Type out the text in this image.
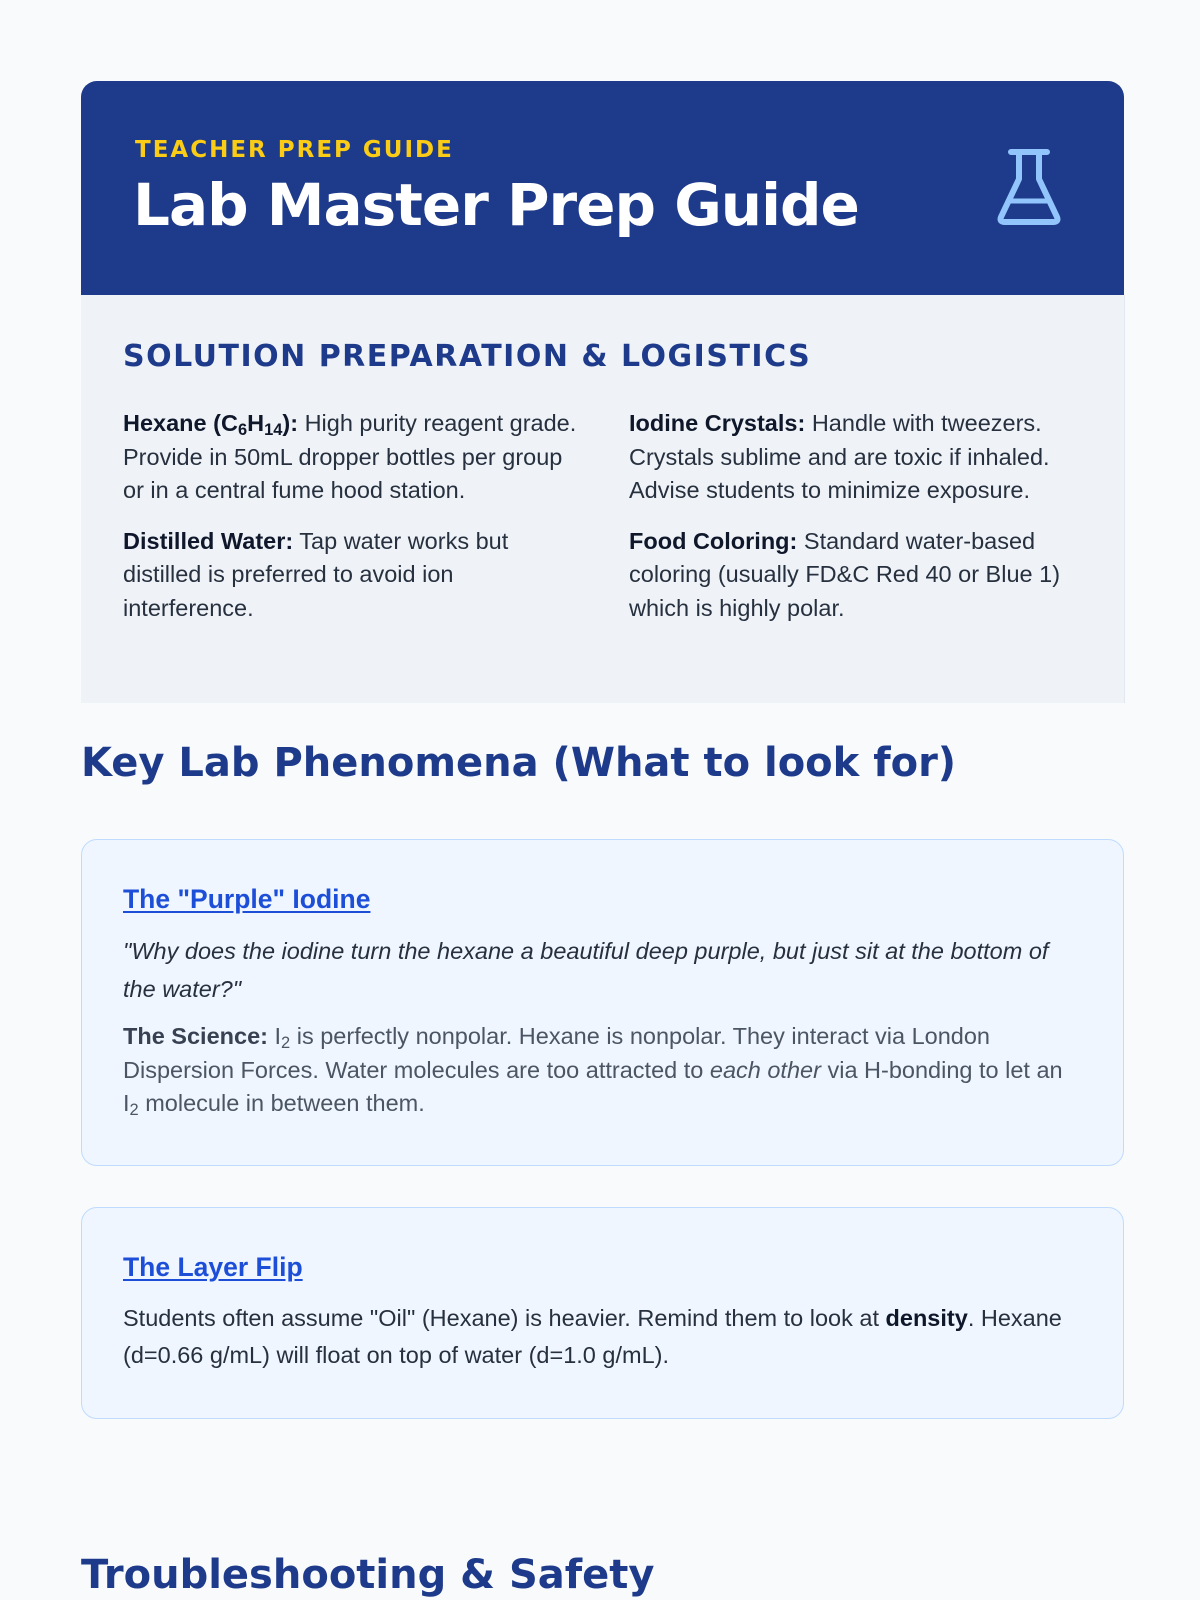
TEACHER PREP GUIDE
Lab Master Prep Guide
SOLUTION PREPARATION & LOGISTICS

Hexane $(C_6H_{14})$: High purity reagent grade. Provide in 50mL dropper bottles per group or in a central fume hood station.

Distilled Water: Tap water works but distilled is preferred to avoid ion interference.

Iodine Crystals: Handle with tweezers. Crystals sublime and are toxic if inhaled. Advise students to minimize exposure.

Food Coloring: Standard water-based coloring (usually FD&C Red 40 or Blue 1) which is highly polar.

Key Lab Phenomena (What to look for)
The "Purple" Iodine

"Why does the iodine turn the hexane a beautiful deep purple, but just sit at the bottom of the water?"

The Science: $I_2$ is perfectly nonpolar. Hexane is nonpolar. They interact via London Dispersion Forces. Water molecules are too attracted to each other via H-bonding to let an $I_2$ molecule in between them.

The Layer Flip

Students often assume "Oil" (Hexane) is heavier. Remind them to look at density. Hexane (d=0.66 g/mL) will float on top of water (d=1.0 g/mL).

Troubleshooting & Safety
